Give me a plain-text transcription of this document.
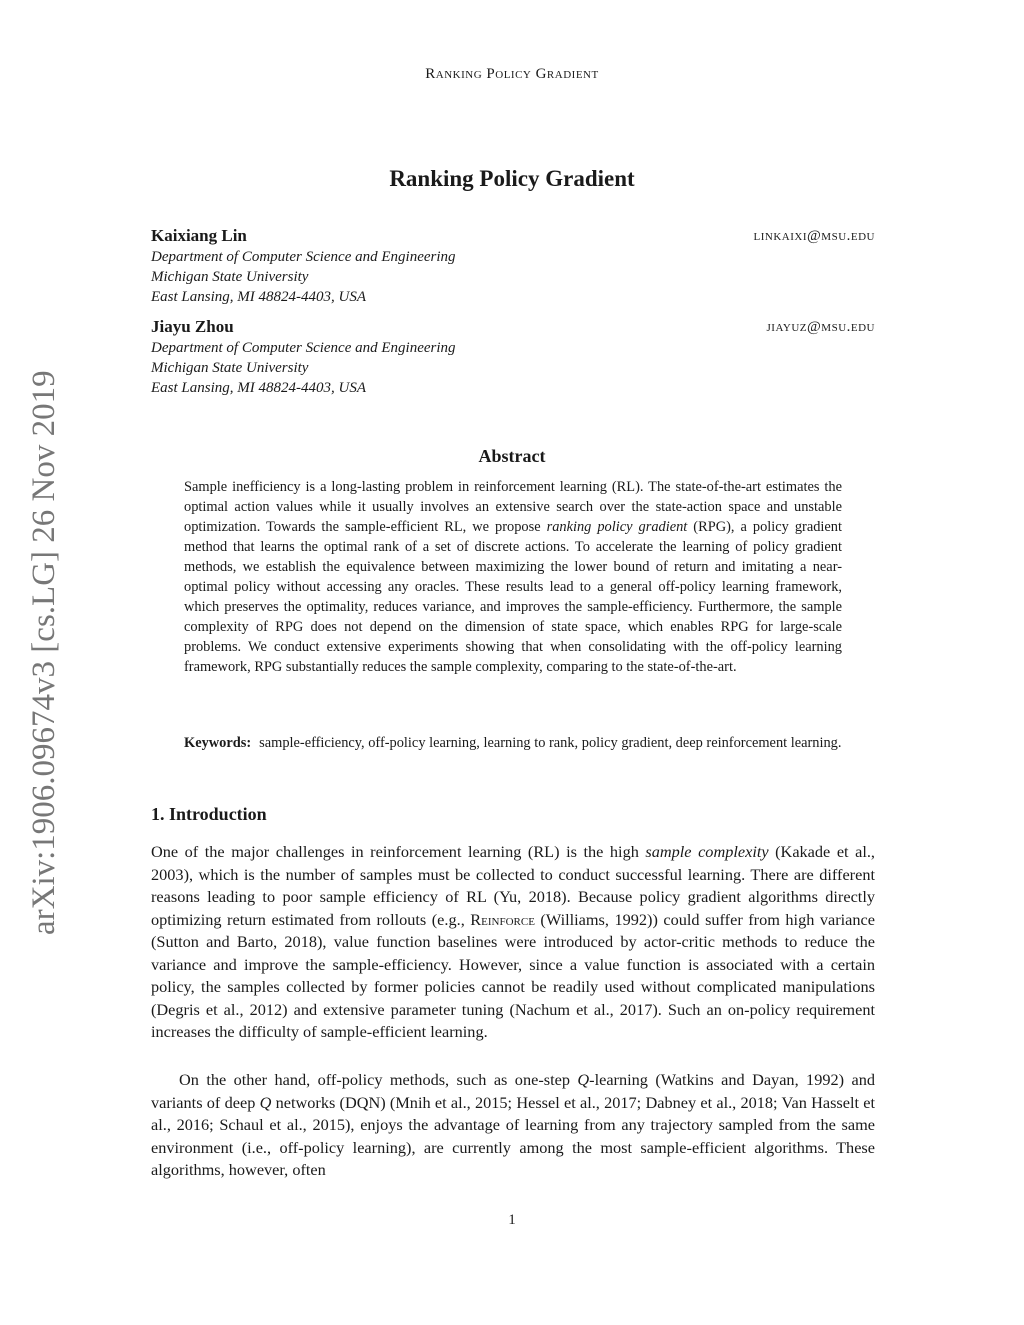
arXiv:1906.09674v3 [cs.LG] 26 Nov 2019
Ranking Policy Gradient
Ranking Policy Gradient
Kaixiang Lin	linkaixi@msu.edu
Department of Computer Science and Engineering
Michigan State University
East Lansing, MI 48824-4403, USA
Jiayu Zhou	jiayuz@msu.edu
Department of Computer Science and Engineering
Michigan State University
East Lansing, MI 48824-4403, USA
Abstract
Sample inefficiency is a long-lasting problem in reinforcement learning (RL). The state-of-the-art estimates the optimal action values while it usually involves an extensive search over the state-action space and unstable optimization. Towards the sample-efficient RL, we propose ranking policy gradient (RPG), a policy gradient method that learns the optimal rank of a set of discrete actions. To accelerate the learning of policy gradient methods, we establish the equivalence between maximizing the lower bound of return and imitating a near-optimal policy without accessing any oracles. These results lead to a general off-policy learning framework, which preserves the optimality, reduces variance, and improves the sample-efficiency. Furthermore, the sample complexity of RPG does not depend on the dimension of state space, which enables RPG for large-scale problems. We conduct extensive experiments showing that when consolidating with the off-policy learning framework, RPG substantially reduces the sample complexity, comparing to the state-of-the-art.
Keywords: sample-efficiency, off-policy learning, learning to rank, policy gradient, deep reinforcement learning.
1. Introduction
One of the major challenges in reinforcement learning (RL) is the high sample complexity (Kakade et al., 2003), which is the number of samples must be collected to conduct successful learning. There are different reasons leading to poor sample efficiency of RL (Yu, 2018). Because policy gradient algorithms directly optimizing return estimated from rollouts (e.g., Reinforce (Williams, 1992)) could suffer from high variance (Sutton and Barto, 2018), value function baselines were introduced by actor-critic methods to reduce the variance and improve the sample-efficiency. However, since a value function is associated with a certain policy, the samples collected by former policies cannot be readily used without complicated manipulations (Degris et al., 2012) and extensive parameter tuning (Nachum et al., 2017). Such an on-policy requirement increases the difficulty of sample-efficient learning.
On the other hand, off-policy methods, such as one-step Q-learning (Watkins and Dayan, 1992) and variants of deep Q networks (DQN) (Mnih et al., 2015; Hessel et al., 2017; Dabney et al., 2018; Van Hasselt et al., 2016; Schaul et al., 2015), enjoys the advantage of learning from any trajectory sampled from the same environment (i.e., off-policy learning), are currently among the most sample-efficient algorithms. These algorithms, however, often
1
